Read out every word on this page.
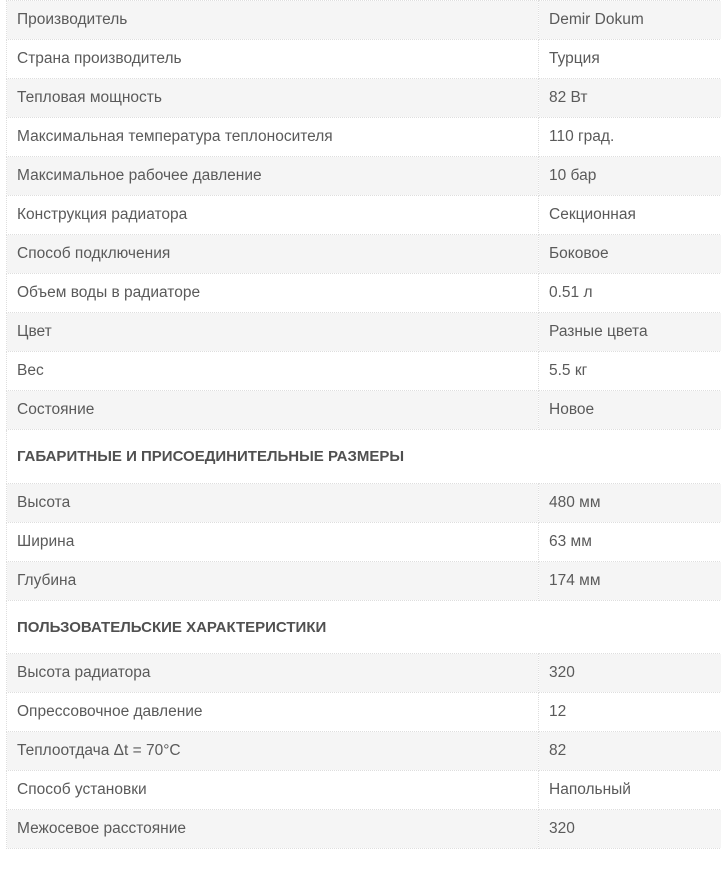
Производитель	Demir Dokum
Страна производитель	Турция
Тепловая мощность	82 Вт
Максимальная температура теплоносителя	110 град.
Максимальное рабочее давление	10 бар
Конструкция радиатора	Секционная
Способ подключения	Боковое
Объем воды в радиаторе	0.51 л
Цвет	Разные цвета
Вес	5.5 кг
Состояние	Новое
ГАБАРИТНЫЕ И ПРИСОЕДИНИТЕЛЬНЫЕ РАЗМЕРЫ	
Высота	480 мм
Ширина	63 мм
Глубина	174 мм
ПОЛЬЗОВАТЕЛЬСКИЕ ХАРАКТЕРИСТИКИ	
Высота радиатора	320
Опрессовочное давление	12
Теплоотдача Δt = 70°C	82
Способ установки	Напольный
Межосевое расстояние	320
